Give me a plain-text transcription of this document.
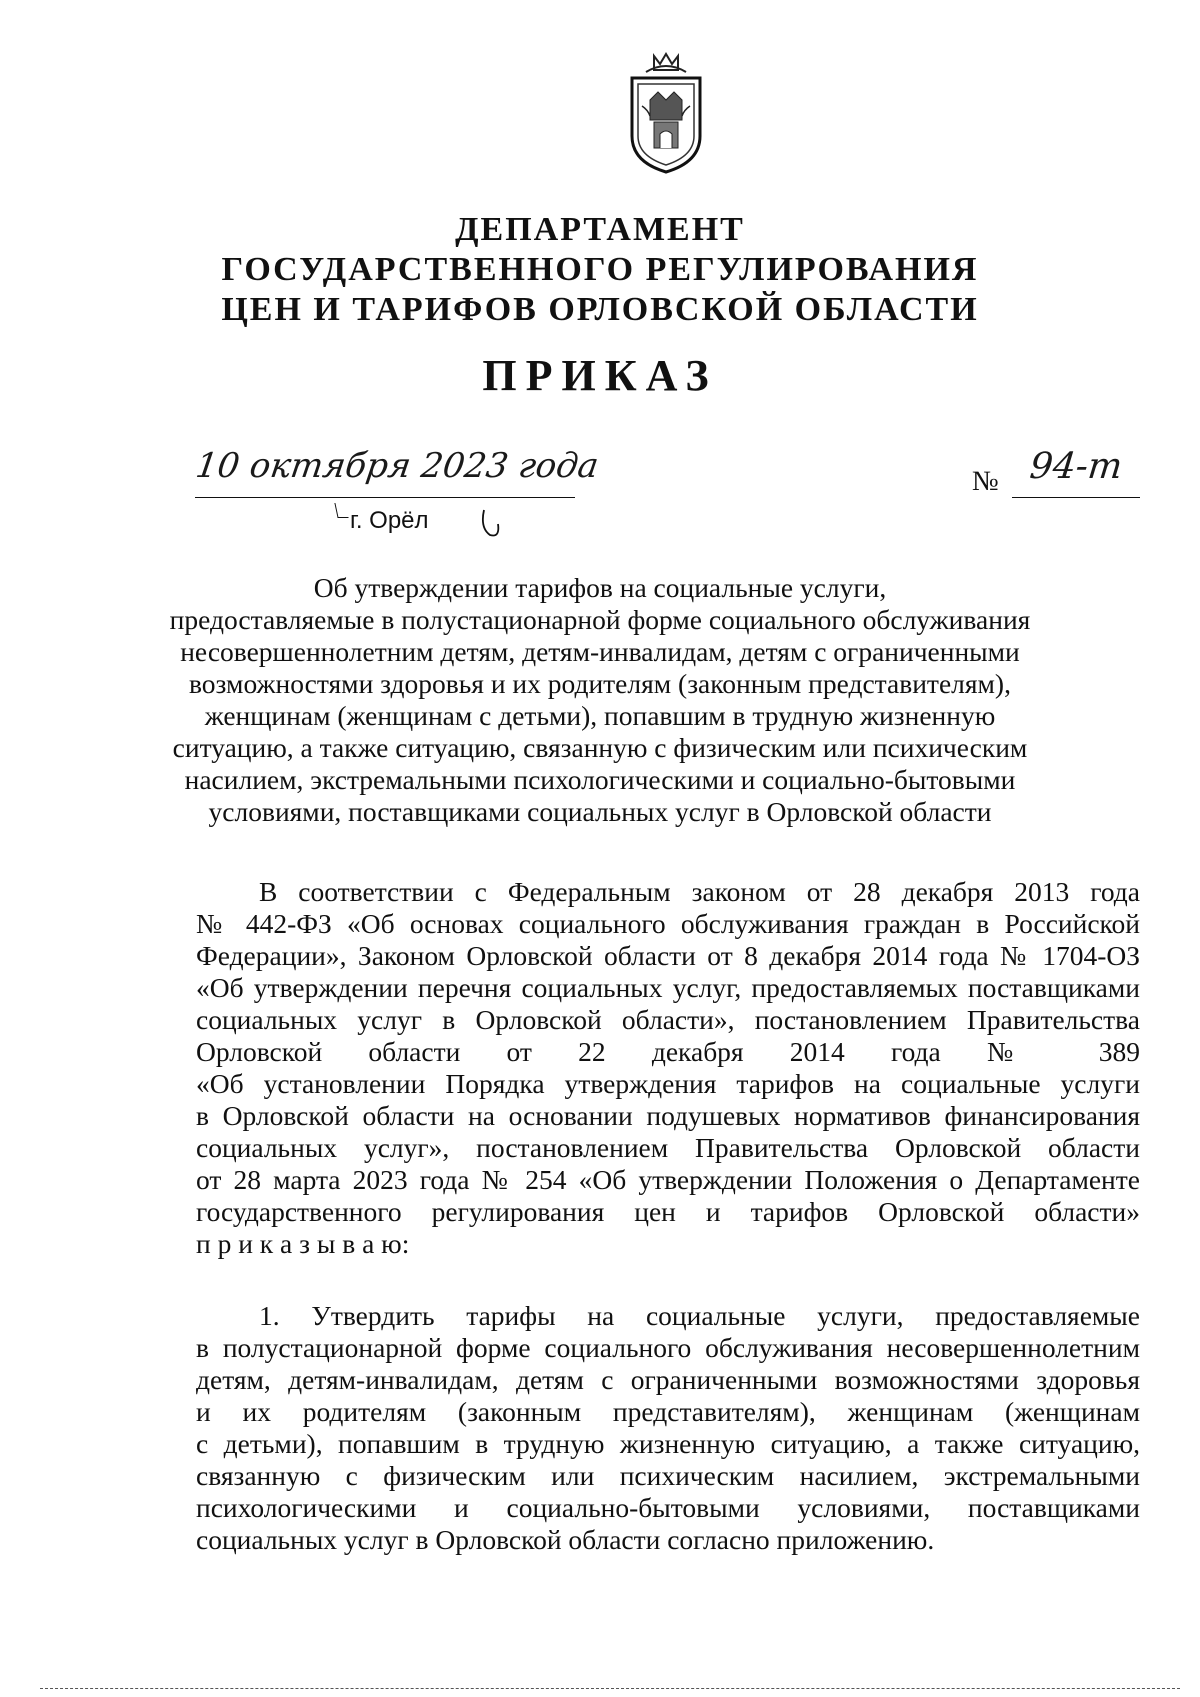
ДЕПАРТАМЕНТ
ГОСУДАРСТВЕННОГО РЕГУЛИРОВАНИЯ
ЦЕН И ТАРИФОВ ОРЛОВСКОЙ ОБЛАСТИ
ПРИКАЗ
10 октября 2023 года
г. Орёл
№ 94-т
Об утверждении тарифов на социальные услуги,
предоставляемые в полустационарной форме социального обслуживания
несовершеннолетним детям, детям-инвалидам, детям с ограниченными
возможностями здоровья и их родителям (законным представителям),
женщинам (женщинам с детьми), попавшим в трудную жизненную
ситуацию, а также ситуацию, связанную с физическим или психическим
насилием, экстремальными психологическими и социально-бытовыми
условиями, поставщиками социальных услуг в Орловской области
В соответствии с Федеральным законом от 28 декабря 2013 года
№ 442-ФЗ «Об основах социального обслуживания граждан в Российской
Федерации», Законом Орловской области от 8 декабря 2014 года № 1704-ОЗ
«Об утверждении перечня социальных услуг, предоставляемых поставщиками
социальных услуг в Орловской области», постановлением Правительства
Орловской области от 22 декабря 2014 года № 389
«Об установлении Порядка утверждения тарифов на социальные услуги
в Орловской области на основании подушевых нормативов финансирования
социальных услуг», постановлением Правительства Орловской области
от 28 марта 2023 года № 254 «Об утверждении Положения о Департаменте
государственного регулирования цен и тарифов Орловской области»
п р и к а з ы в а ю:
1. Утвердить тарифы на социальные услуги, предоставляемые
в полустационарной форме социального обслуживания несовершеннолетним
детям, детям-инвалидам, детям с ограниченными возможностями здоровья
и их родителям (законным представителям), женщинам (женщинам
с детьми), попавшим в трудную жизненную ситуацию, а также ситуацию,
связанную с физическим или психическим насилием, экстремальными
психологическими и социально-бытовыми условиями, поставщиками
социальных услуг в Орловской области согласно приложению.
